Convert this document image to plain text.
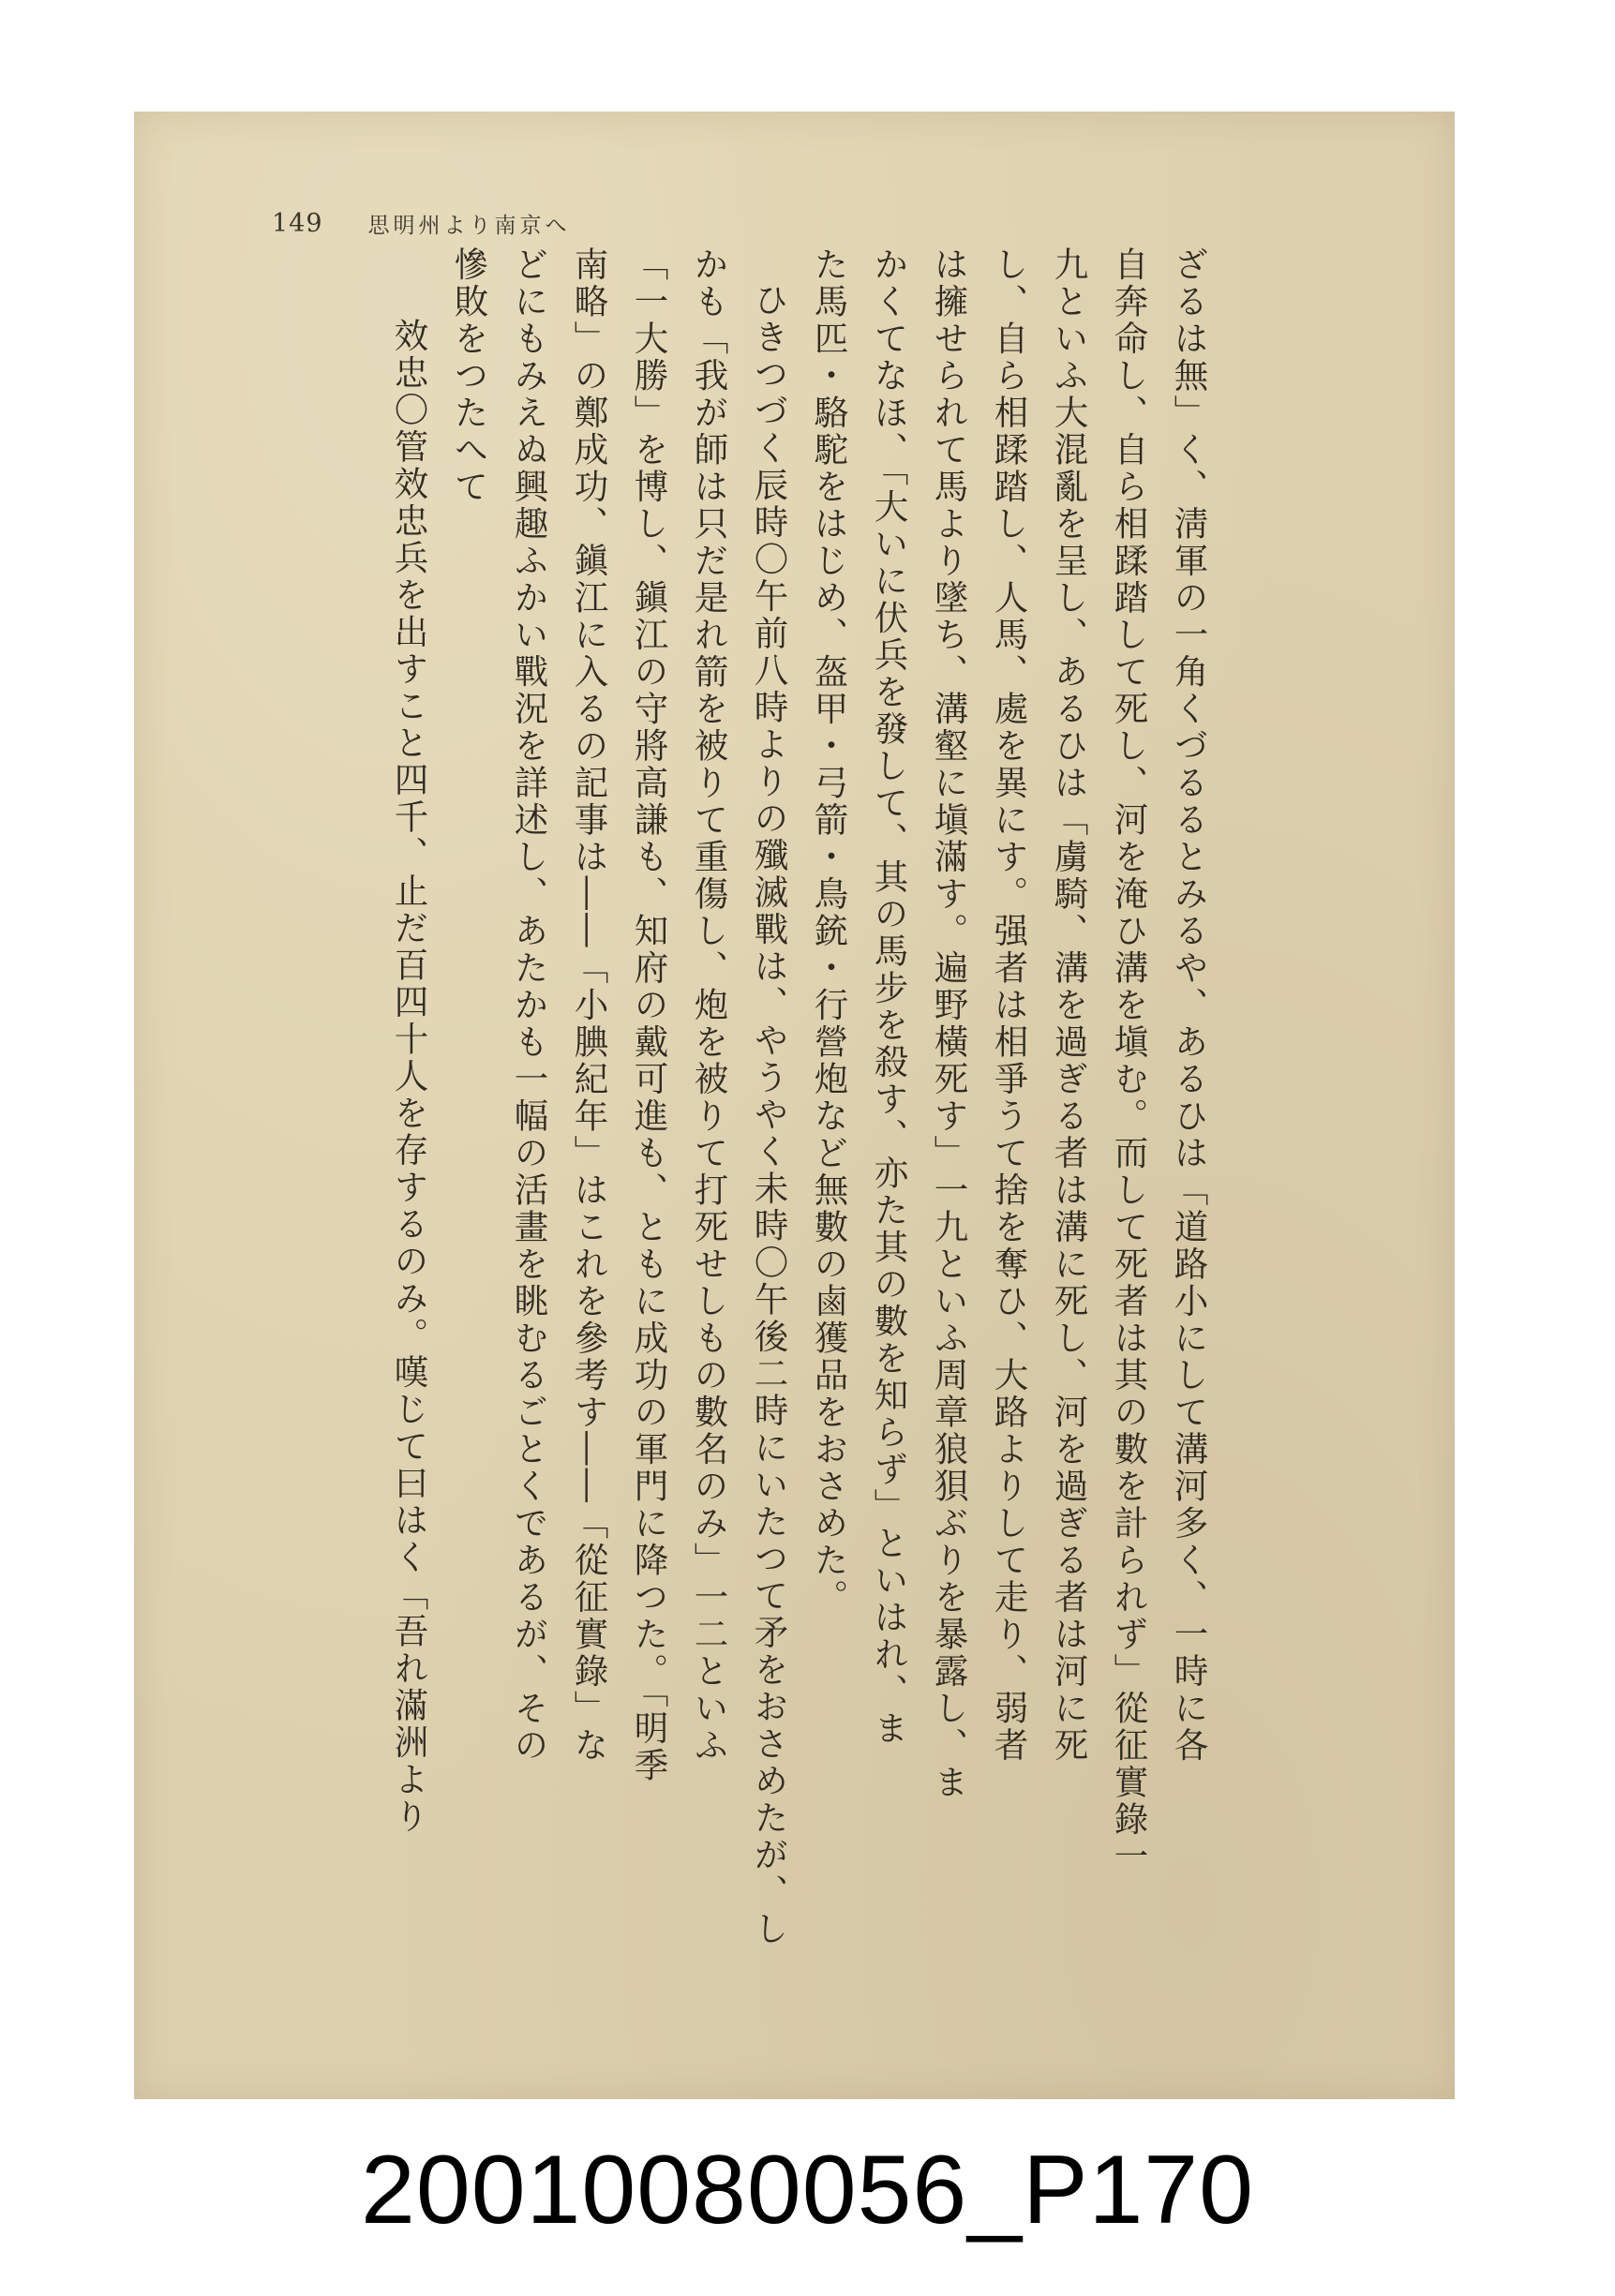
149 思明州より南京へ

ざるは無」く、淸軍の一角くづるるとみるや、あるひは「道路小にして溝河多く、一時に各

自奔命し、自ら相蹂踏して死し、河を淹ひ溝を塡む。而して死者は其の數を計られず」從征實錄一

九といふ大混亂を呈し、あるひは「虜騎、溝を過ぎる者は溝に死し、河を過ぎる者は河に死

し、自ら相蹂踏し、人馬、處を異にす。强者は相爭うて捨を奪ひ、大路よりして走り、弱者

は擁せられて馬より墜ち、溝壑に塡滿す。遍野橫死す」一九といふ周章狼狽ぶりを暴露し、ま

かくてなほ、「大いに伏兵を發して、其の馬步を殺す、亦た其の數を知らず」といはれ、ま

た馬匹・駱駝をはじめ、盔甲・弓箭・鳥銃・行營炮など無數の鹵獲品をおさめた。

ひきつづく辰時〇午前八時よりの殲滅戰は、やうやく未時〇午後二時にいたつて矛をおさめたが、し

かも「我が師は只だ是れ箭を被りて重傷し、炮を被りて打死せしもの數名のみ」一二といふ

「一大勝」を博し、鎭江の守將高謙も、知府の戴可進も、ともに成功の軍門に降つた。「明季

南略」の鄭成功、鎭江に入るの記事は――「小腆紀年」はこれを參考す――「從征實錄」な

どにもみえぬ興趣ふかい戰況を詳述し、あたかも一幅の活畫を眺むるごとくであるが、その

慘敗をつたへて

效忠〇管效忠兵を出すこと四千、止だ百四十人を存するのみ。嘆じて曰はく「吾れ滿洲より

20010080056_P170
